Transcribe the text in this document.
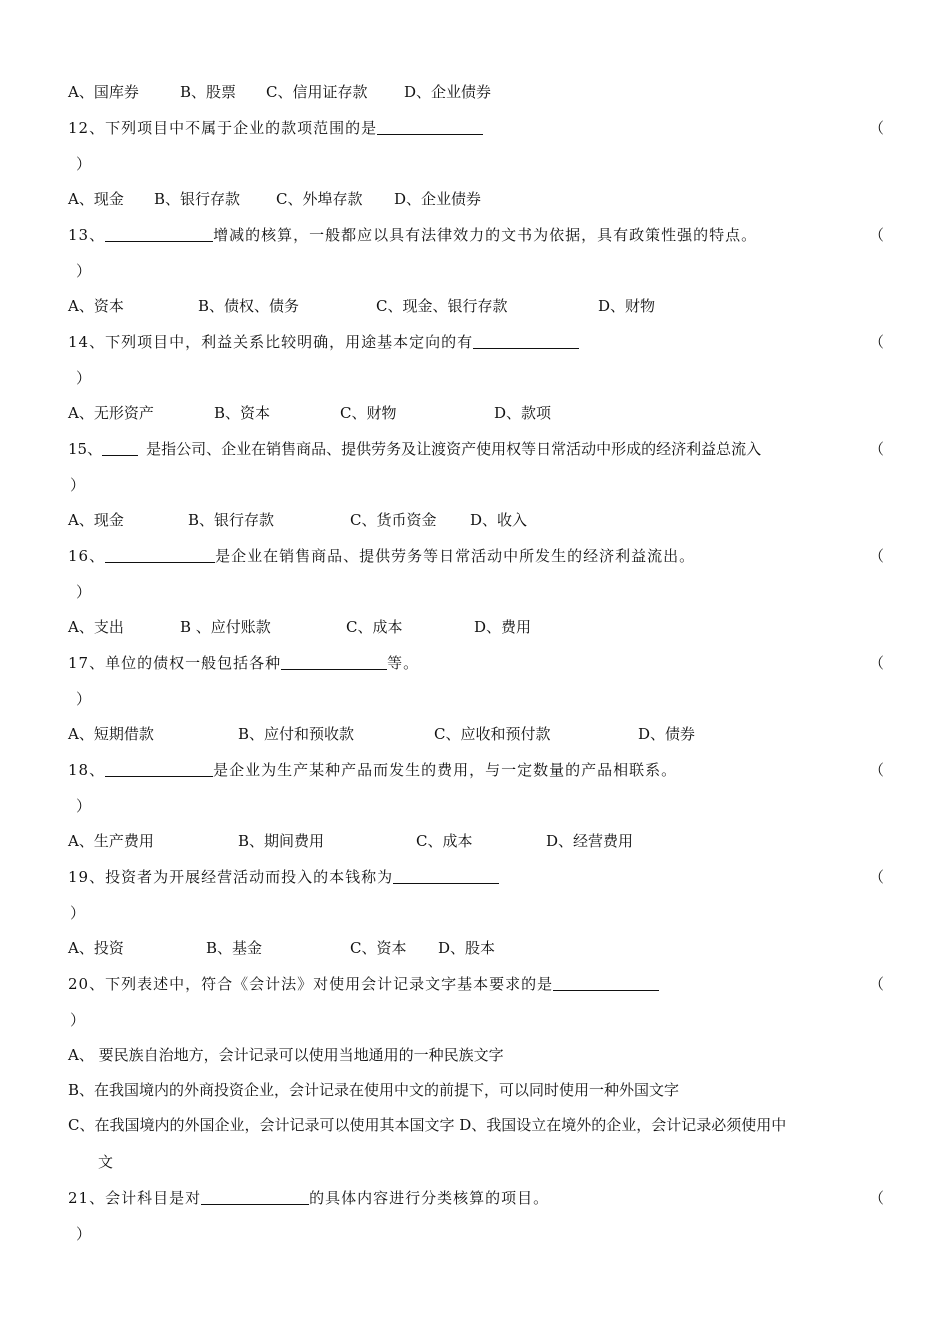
A、国库券	B、股票 C、信用证存款 D、企业债券
12、下列项目中不属于企业的款项范围的是	（
）
A、现金 B、银行存款 C、外埠存款 D、企业债券
13、	增减的核算，一般都应以具有法律效力的文书为依据，具有政策性强的特点。	（
）
A、资本	B、债权、债务	C、现金、银行存款	D、财物
14、下列项目中，利益关系比较明确，用途基本定向的有	（
）
A、无形资产	B、资本	C、财物	D、款项
15、	是指公司、企业在销售商品、提供劳务及让渡资产使用权等日常活动中形成的经济利益总流入	（
）
A、现金	B、银行存款	C、货币资金 D、收入
16、	是企业在销售商品、提供劳务等日常活动中所发生的经济利益流出。	（
）
A、支出	B 、应付账款	C、成本	D、费用
17、单位的债权一般包括各种	等。	（
）
A、短期借款	B、应付和预收款	C、应收和预付款	D、债券
18、	是企业为生产某种产品而发生的费用，与一定数量的产品相联系。	（
）
A、生产费用	B、期间费用	C、成本	D、经营费用
19、投资者为开展经营活动而投入的本钱称为	（
）
A、投资	B、基金	C、资本 D、股本
20、下列表述中，符合《会计法》对使用会计记录文字基本要求的是	（
）
A、 要民族自治地方，会计记录可以使用当地通用的一种民族文字
B、在我国境内的外商投资企业，会计记录在使用中文的前提下，可以同时使用一种外国文字
C、在我国境内的外国企业，会计记录可以使用其本国文字 D、我国设立在境外的企业，会计记录必须使用中
文
21、会计科目是对	的具体内容进行分类核算的项目。	（
）
